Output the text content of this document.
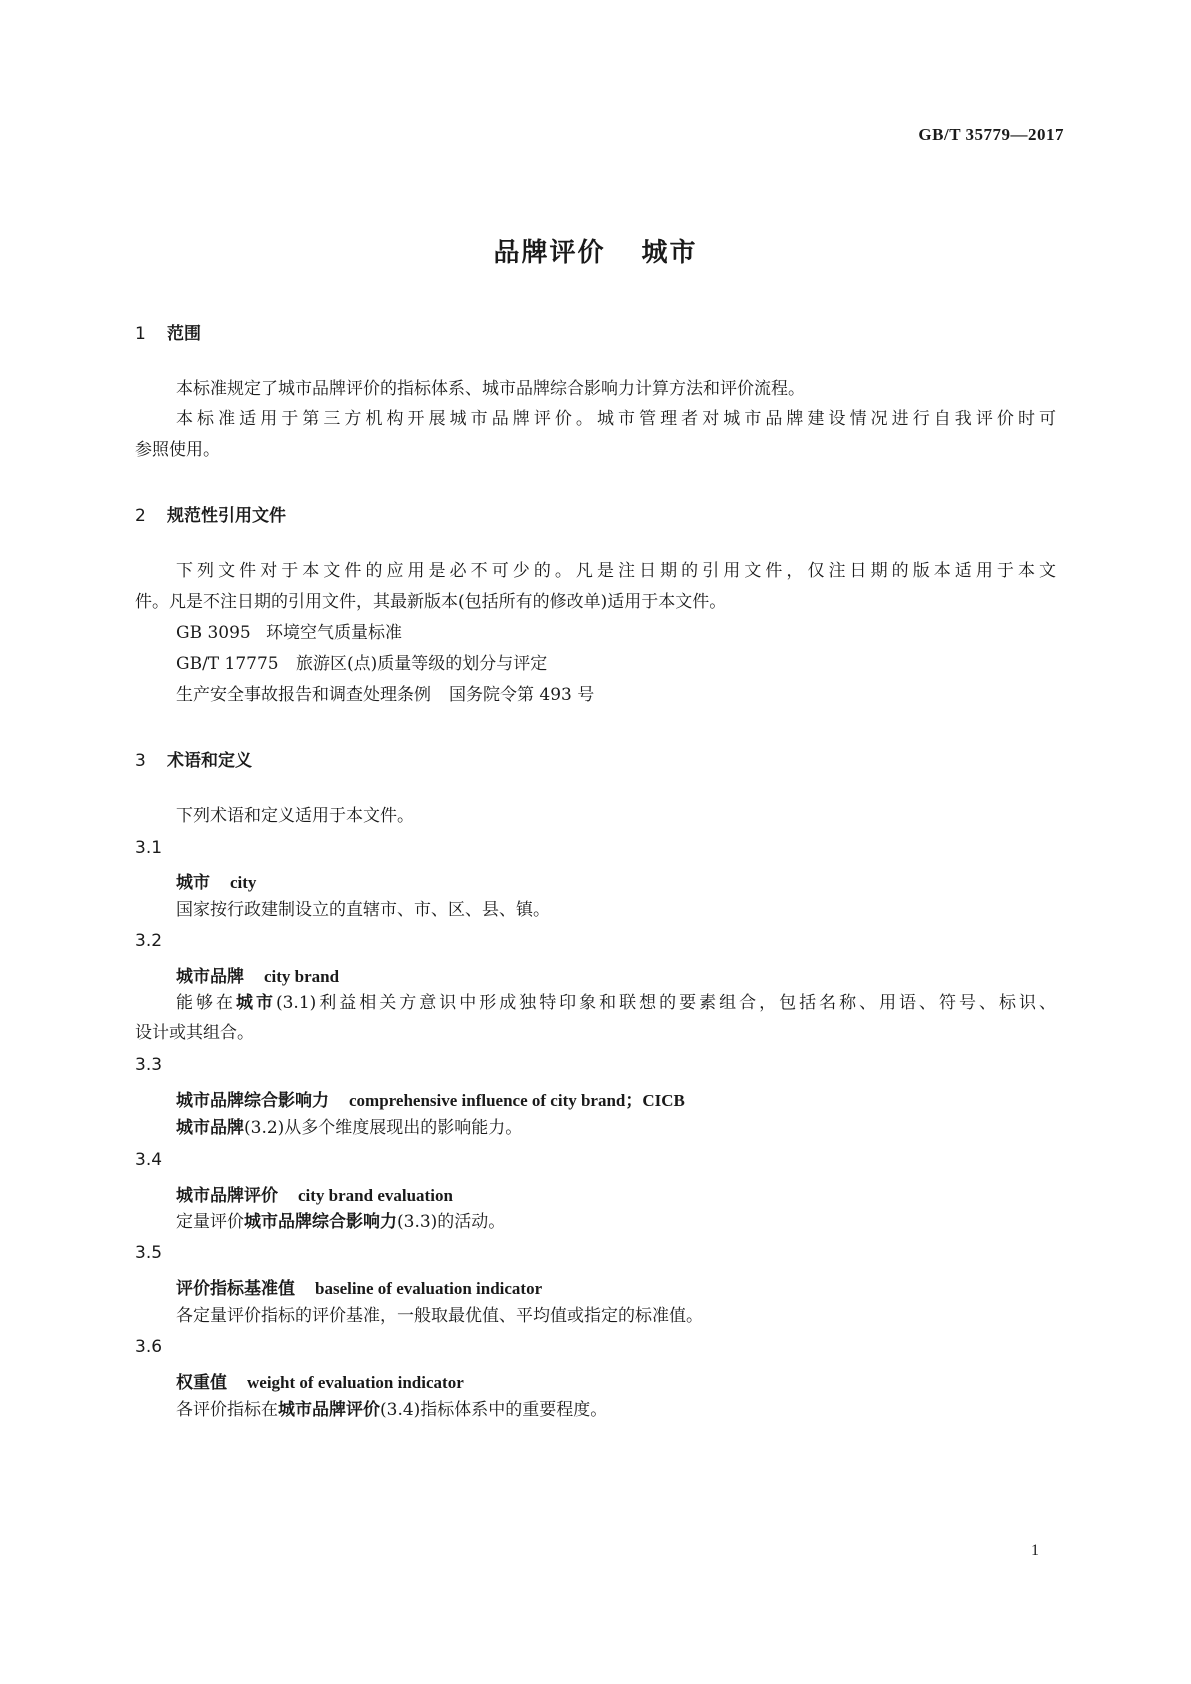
GB/T 35779—2017
品牌评价 城市
1 范围
本标准规定了城市品牌评价的指标体系、城市品牌综合影响力计算方法和评价流程。
本标准适用于第三方机构开展城市品牌评价。城市管理者对城市品牌建设情况进行自我评价时可
参照使用。
2 规范性引用文件
下列文件对于本文件的应用是必不可少的。凡是注日期的引用文件，仅注日期的版本适用于本文
件。凡是不注日期的引用文件，其最新版本(包括所有的修改单)适用于本文件。
GB 3095 环境空气质量标准
GB/T 17775 旅游区(点)质量等级的划分与评定
生产安全事故报告和调查处理条例 国务院令第 493 号
3 术语和定义
下列术语和定义适用于本文件。
3.1
城市 city
国家按行政建制设立的直辖市、市、区、县、镇。
3.2
城市品牌 city brand
能够在城市(3.1)利益相关方意识中形成独特印象和联想的要素组合，包括名称、用语、符号、标识、
设计或其组合。
3.3
城市品牌综合影响力 comprehensive influence of city brand；CICB
城市品牌(3.2)从多个维度展现出的影响能力。
3.4
城市品牌评价 city brand evaluation
定量评价城市品牌综合影响力(3.3)的活动。
3.5
评价指标基准值 baseline of evaluation indicator
各定量评价指标的评价基准，一般取最优值、平均值或指定的标准值。
3.6
权重值 weight of evaluation indicator
各评价指标在城市品牌评价(3.4)指标体系中的重要程度。
1
